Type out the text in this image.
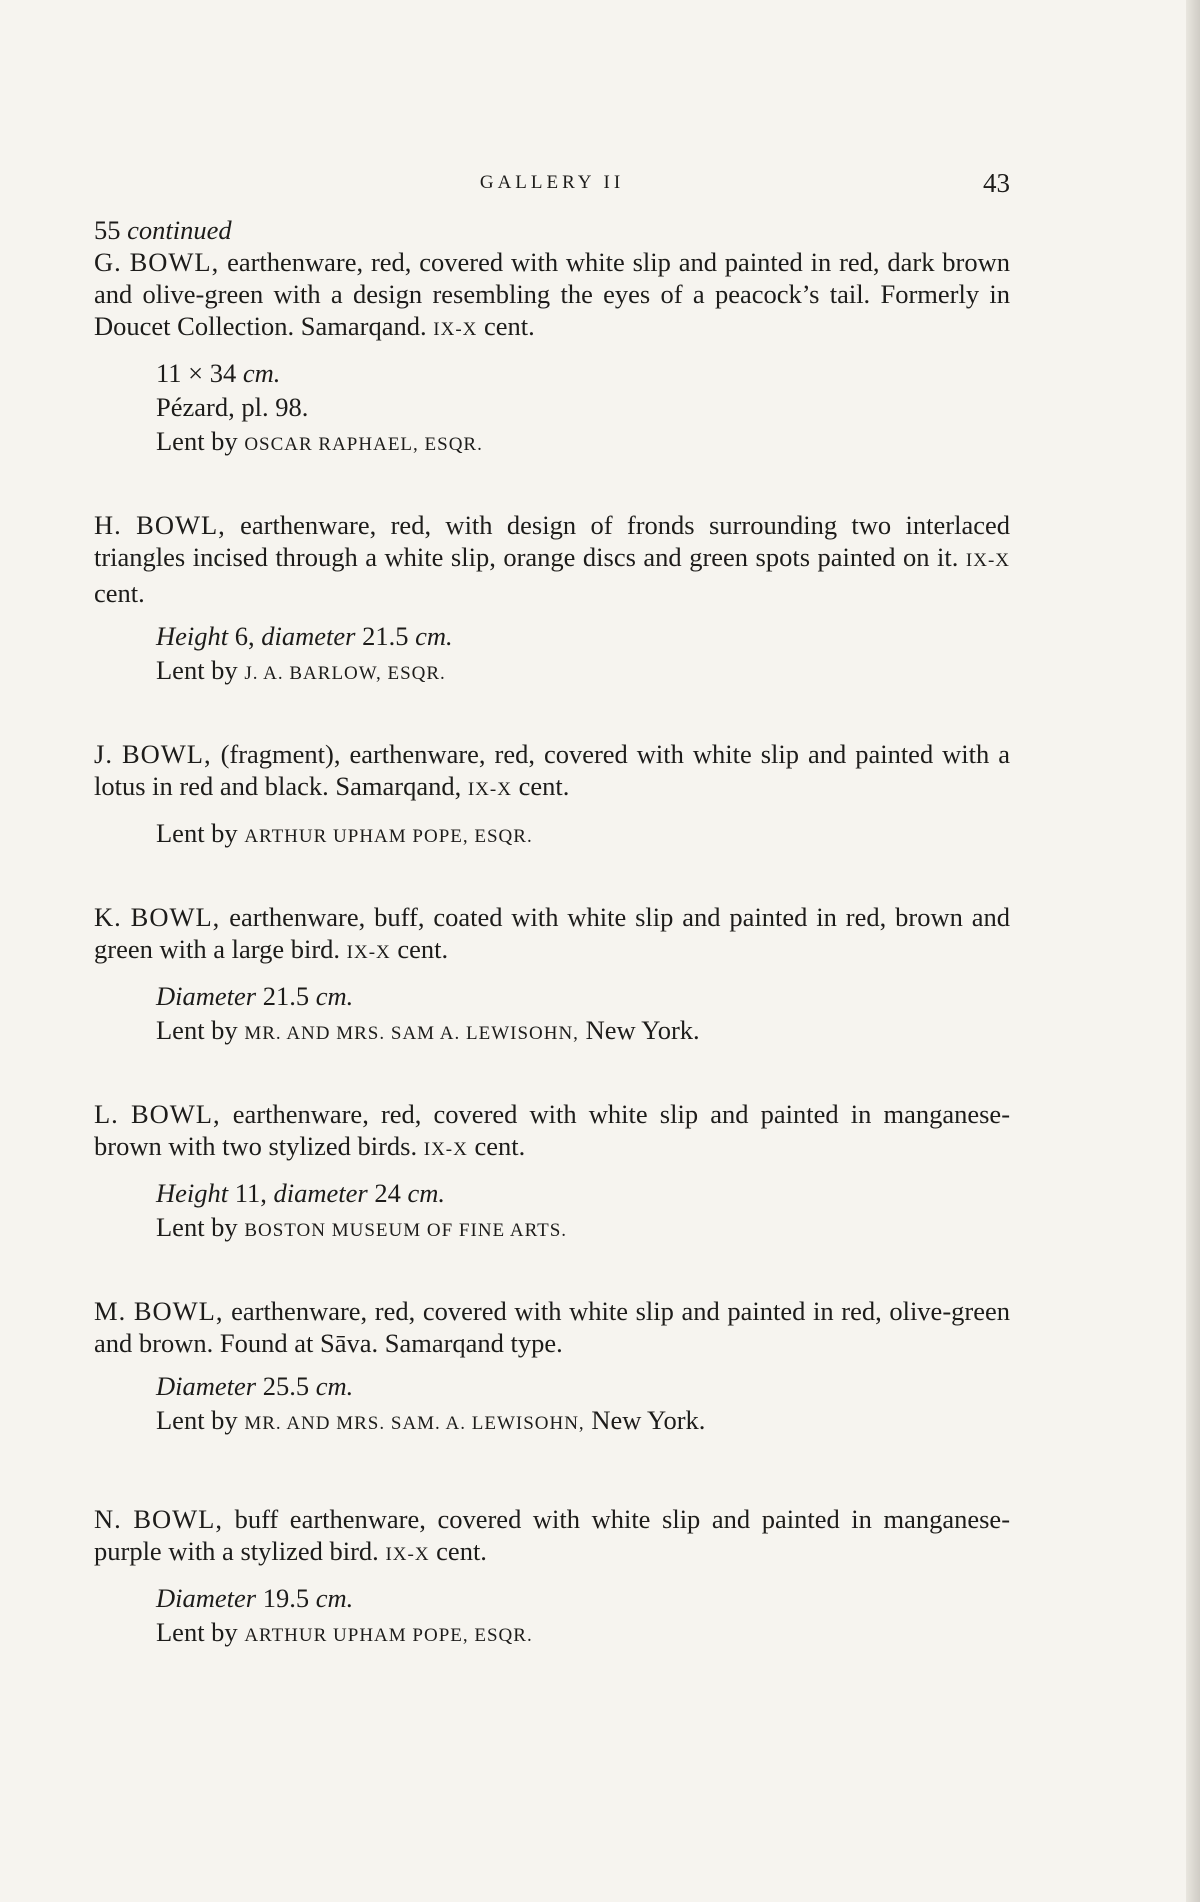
GALLERY II	43
55 continued

G. BOWL, earthenware, red, covered with white slip and painted in red, dark brown and olive-green with a design resembling the eyes of a peacock’s tail. Formerly in Doucet Collection. Samarqand. IX-X cent.

11 × 34 cm.
Pézard, pl. 98.
Lent by OSCAR RAPHAEL, ESQR.

H. BOWL, earthenware, red, with design of fronds surrounding two interlaced triangles incised through a white slip, orange discs and green spots painted on it. IX-X cent.

Height 6, diameter 21.5 cm.
Lent by J. A. BARLOW, ESQR.

J. BOWL, (fragment), earthenware, red, covered with white slip and painted with a lotus in red and black. Samarqand, IX-X cent.

Lent by ARTHUR UPHAM POPE, ESQR.

K. BOWL, earthenware, buff, coated with white slip and painted in red, brown and green with a large bird. IX-X cent.

Diameter 21.5 cm.
Lent by MR. AND MRS. SAM A. LEWISOHN, New York.

L. BOWL, earthenware, red, covered with white slip and painted in manganese-brown with two stylized birds. IX-X cent.

Height 11, diameter 24 cm.
Lent by BOSTON MUSEUM OF FINE ARTS.

M. BOWL, earthenware, red, covered with white slip and painted in red, olive-green and brown. Found at Sāva. Samarqand type.

Diameter 25.5 cm.
Lent by MR. AND MRS. SAM. A. LEWISOHN, New York.

N. BOWL, buff earthenware, covered with white slip and painted in manganese-purple with a stylized bird. IX-X cent.

Diameter 19.5 cm.
Lent by ARTHUR UPHAM POPE, ESQR.
